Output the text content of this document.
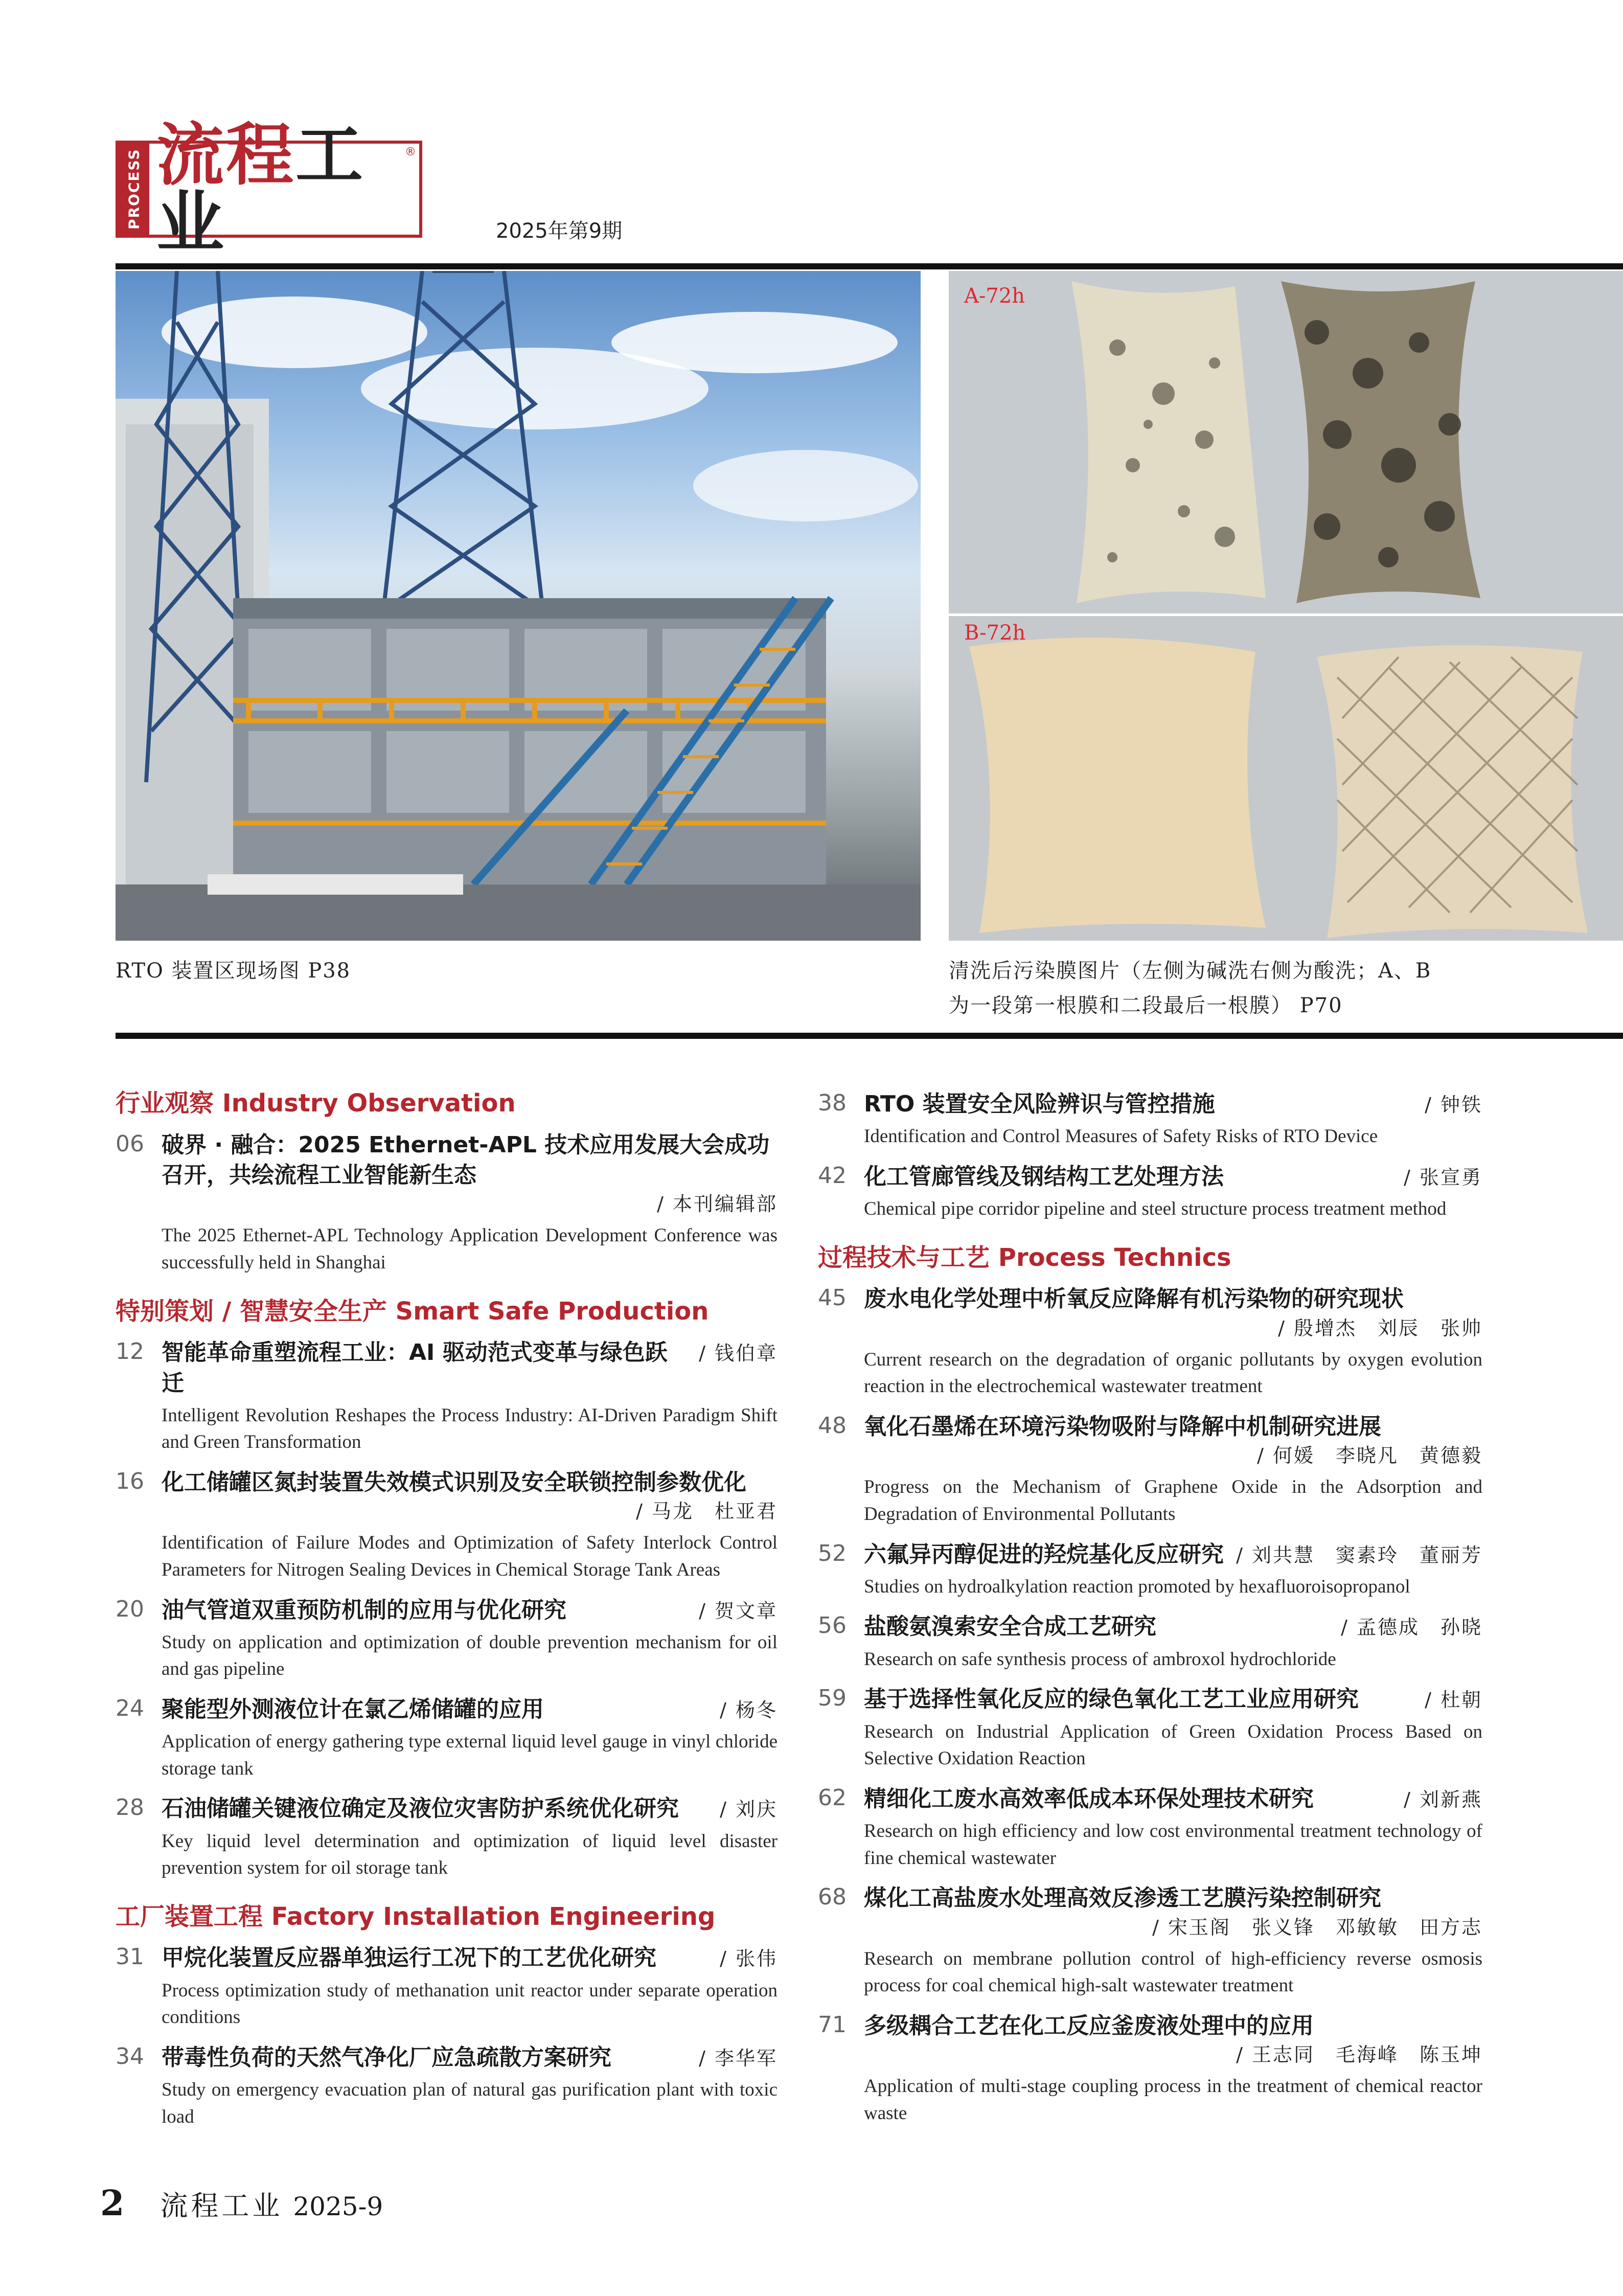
PROCESS 流程工业
®
2025年第9期
A-72h
B-72h
RTO 装置区现场图 P38	清洗后污染膜图片（左侧为碱洗右侧为酸洗；A、B
为一段第一根膜和二段最后一根膜） P70
行业观察 Industry Observation
06 破界 · 融合：2025 Ethernet-APL 技术应用发展大会成功召开，共绘流程工业智能新生态
/ 本刊编辑部
The 2025 Ethernet-APL Technology Application Development Conference was successfully held in Shanghai
特别策划 / 智慧安全生产 Smart Safe Production
12 智能革命重塑流程工业：AI 驱动范式变革与绿色跃迁
/ 钱伯章
Intelligent Revolution Reshapes the Process Industry: AI-Driven Paradigm Shift and Green Transformation
16 化工储罐区氮封装置失效模式识别及安全联锁控制参数优化
/ 马龙　杜亚君
Identification of Failure Modes and Optimization of Safety Interlock Control Parameters for Nitrogen Sealing Devices in Chemical Storage Tank Areas
20 油气管道双重预防机制的应用与优化研究	/ 贺文章
Study on application and optimization of double prevention mechanism for oil and gas pipeline
24 聚能型外测液位计在氯乙烯储罐的应用	/ 杨冬
Application of energy gathering type external liquid level gauge in vinyl chloride storage tank
28 石油储罐关键液位确定及液位灾害防护系统优化研究 / 刘庆
Key liquid level determination and optimization of liquid level disaster prevention system for oil storage tank
工厂装置工程 Factory Installation Engineering
31 甲烷化装置反应器单独运行工况下的工艺优化研究	/ 张伟
Process optimization study of methanation unit reactor under separate operation conditions
34 带毒性负荷的天然气净化厂应急疏散方案研究	/ 李华军
Study on emergency evacuation plan of natural gas purification plant with toxic load
38 RTO 装置安全风险辨识与管控措施	/ 钟铁
Identification and Control Measures of Safety Risks of RTO Device
42 化工管廊管线及钢结构工艺处理方法	/ 张宣勇
Chemical pipe corridor pipeline and steel structure process treatment method
过程技术与工艺 Process Technics
45 废水电化学处理中析氧反应降解有机污染物的研究现状
/ 殷增杰　刘辰　张帅
Current research on the degradation of organic pollutants by oxygen evolution reaction in the electrochemical wastewater treatment
48 氧化石墨烯在环境污染物吸附与降解中机制研究进展
/ 何媛　李晓凡　黄德毅
Progress on the Mechanism of Graphene Oxide in the Adsorption and Degradation of Environmental Pollutants
52 六氟异丙醇促进的羟烷基化反应研究 / 刘共慧　窦素玲　董丽芳
Studies on hydroalkylation reaction promoted by hexafluoroisopropanol
56 盐酸氨溴索安全合成工艺研究	/ 孟德成　孙晓
Research on safe synthesis process of ambroxol hydrochloride
59 基于选择性氧化反应的绿色氧化工艺工业应用研究	/ 杜朝
Research on Industrial Application of Green Oxidation Process Based on Selective Oxidation Reaction
62 精细化工废水高效率低成本环保处理技术研究	/ 刘新燕
Research on high efficiency and low cost environmental treatment technology of fine chemical wastewater
68 煤化工高盐废水处理高效反渗透工艺膜污染控制研究
/ 宋玉阁　张义锋　邓敏敏　田方志
Research on membrane pollution control of high-efficiency reverse osmosis process for coal chemical high-salt wastewater treatment
71 多级耦合工艺在化工反应釜废液处理中的应用
/ 王志同　毛海峰　陈玉坤
Application of multi-stage coupling process in the treatment of chemical reactor waste
2 流程工业 2025-9
